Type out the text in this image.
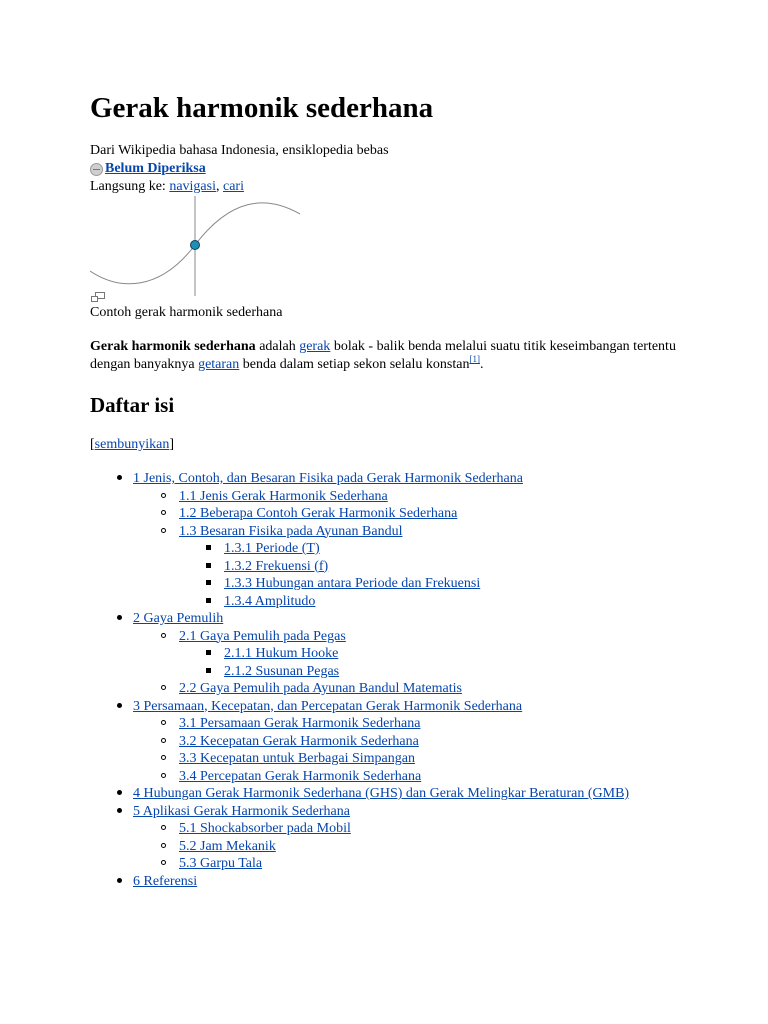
Gerak harmonik sederhana
Dari Wikipedia bahasa Indonesia, ensiklopedia bebas
Belum Diperiksa
Langsung ke: navigasi, cari
Contoh gerak harmonik sederhana

Gerak harmonik sederhana adalah gerak bolak - balik benda melalui suatu titik keseimbangan tertentu dengan banyaknya getaran benda dalam setiap sekon selalu konstan[1].

Daftar isi
[sembunyikan]
1 Jenis, Contoh, dan Besaran Fisika pada Gerak Harmonik Sederhana
1.1 Jenis Gerak Harmonik Sederhana
1.2 Beberapa Contoh Gerak Harmonik Sederhana
1.3 Besaran Fisika pada Ayunan Bandul
1.3.1 Periode (T)
1.3.2 Frekuensi (f)
1.3.3 Hubungan antara Periode dan Frekuensi
1.3.4 Amplitudo
2 Gaya Pemulih
2.1 Gaya Pemulih pada Pegas
2.1.1 Hukum Hooke
2.1.2 Susunan Pegas
2.2 Gaya Pemulih pada Ayunan Bandul Matematis
3 Persamaan, Kecepatan, dan Percepatan Gerak Harmonik Sederhana
3.1 Persamaan Gerak Harmonik Sederhana
3.2 Kecepatan Gerak Harmonik Sederhana
3.3 Kecepatan untuk Berbagai Simpangan
3.4 Percepatan Gerak Harmonik Sederhana
4 Hubungan Gerak Harmonik Sederhana (GHS) dan Gerak Melingkar Beraturan (GMB)
5 Aplikasi Gerak Harmonik Sederhana
5.1 Shockabsorber pada Mobil
5.2 Jam Mekanik
5.3 Garpu Tala
6 Referensi
